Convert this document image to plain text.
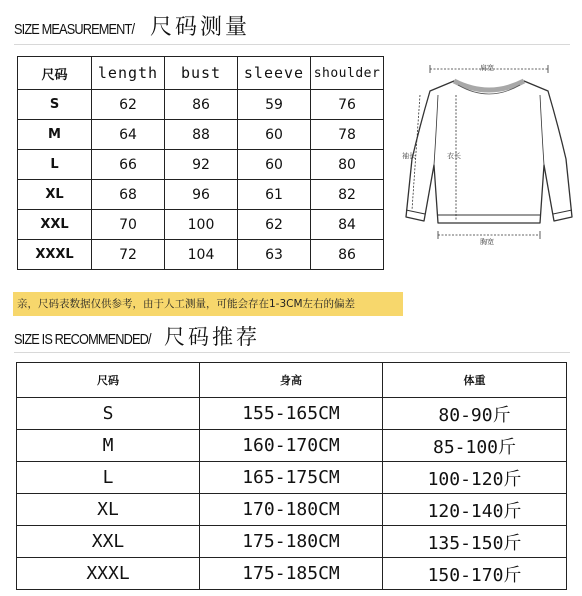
SIZE MEASUREMENT/ 尺码测量
尺码	length	bust	sleeve	shoulder
S	62	86	59	76
M	64	88	60	78
L	66	92	60	80
XL	68	96	61	82
XXL	70	100	62	84
XXXL	72	104	63	86
肩宽
袖长	衣长
胸宽
亲，尺码表数据仅供参考，由于人工测量，可能会存在1-3CM左右的偏差
SIZE IS RECOMMENDED/ 尺码推荐
尺码	身高	体重
S	155-165CM	80-90斤
M	160-170CM	85-100斤
L	165-175CM	100-120斤
XL	170-180CM	120-140斤
XXL	175-180CM	135-150斤
XXXL	175-185CM	150-170斤
